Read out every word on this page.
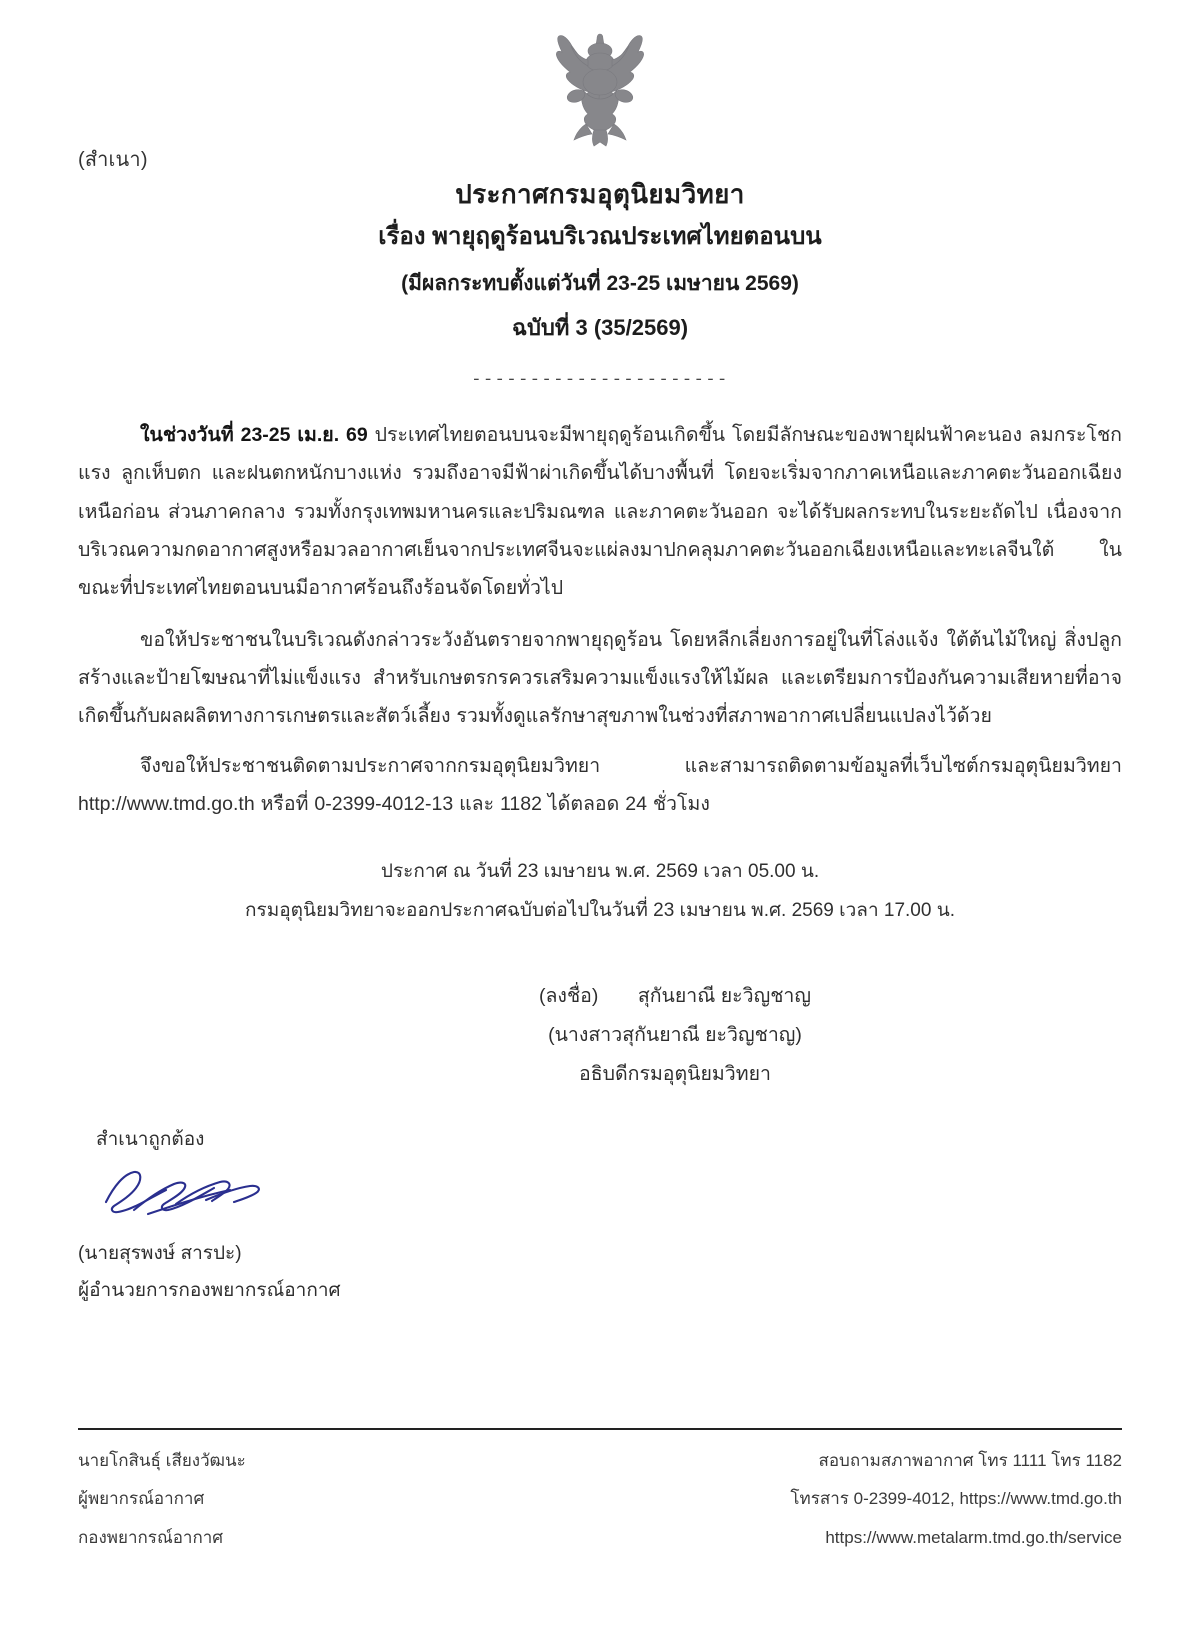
(สำเนา)
ประกาศกรมอุตุนิยมวิทยา
เรื่อง พายุฤดูร้อนบริเวณประเทศไทยตอนบน
(มีผลกระทบตั้งแต่วันที่ 23-25 เมษายน 2569)
ฉบับที่ 3 (35/2569)
----------------------

ในช่วงวันที่ 23-25 เม.ย. 69 ประเทศไทยตอนบนจะมีพายุฤดูร้อนเกิดขึ้น โดยมีลักษณะของพายุฝนฟ้าคะนอง ลมกระโชกแรง ลูกเห็บตก และฝนตกหนักบางแห่ง รวมถึงอาจมีฟ้าผ่าเกิดขึ้นได้บางพื้นที่ โดยจะเริ่มจากภาคเหนือและภาคตะวันออกเฉียงเหนือก่อน ส่วนภาคกลาง รวมทั้งกรุงเทพมหานครและปริมณฑล และภาคตะวันออก จะได้รับผลกระทบในระยะถัดไป เนื่องจากบริเวณความกดอากาศสูงหรือมวลอากาศเย็นจากประเทศจีนจะแผ่ลงมาปกคลุมภาคตะวันออกเฉียงเหนือและทะเลจีนใต้ ในขณะที่ประเทศไทยตอนบนมีอากาศร้อนถึงร้อนจัดโดยทั่วไป

ขอให้ประชาชนในบริเวณดังกล่าวระวังอันตรายจากพายุฤดูร้อน โดยหลีกเลี่ยงการอยู่ในที่โล่งแจ้ง ใต้ต้นไม้ใหญ่ สิ่งปลูกสร้างและป้ายโฆษณาที่ไม่แข็งแรง สำหรับเกษตรกรควรเสริมความแข็งแรงให้ไม้ผล และเตรียมการป้องกันความเสียหายที่อาจเกิดขึ้นกับผลผลิตทางการเกษตรและสัตว์เลี้ยง รวมทั้งดูแลรักษาสุขภาพในช่วงที่สภาพอากาศเปลี่ยนแปลงไว้ด้วย

จึงขอให้ประชาชนติดตามประกาศจากกรมอุตุนิยมวิทยา และสามารถติดตามข้อมูลที่เว็บไซต์กรมอุตุนิยมวิทยา http://www.tmd.go.th หรือที่ 0-2399-4012-13 และ 1182 ได้ตลอด 24 ชั่วโมง

ประกาศ ณ วันที่ 23 เมษายน พ.ศ. 2569 เวลา 05.00 น.
กรมอุตุนิยมวิทยาจะออกประกาศฉบับต่อไปในวันที่ 23 เมษายน พ.ศ. 2569 เวลา 17.00 น.
(ลงชื่อ) สุกันยาณี ยะวิญชาญ
(นางสาวสุกันยาณี ยะวิญชาญ)
อธิบดีกรมอุตุนิยมวิทยา
สำเนาถูกต้อง
(นายสุรพงษ์ สารปะ)
ผู้อำนวยการกองพยากรณ์อากาศ
นายโกสินธุ์ เสียงวัฒนะ
ผู้พยากรณ์อากาศ
กองพยากรณ์อากาศ
สอบถามสภาพอากาศ โทร 1111 โทร 1182
โทรสาร 0-2399-4012, https://www.tmd.go.th
https://www.metalarm.tmd.go.th/service
